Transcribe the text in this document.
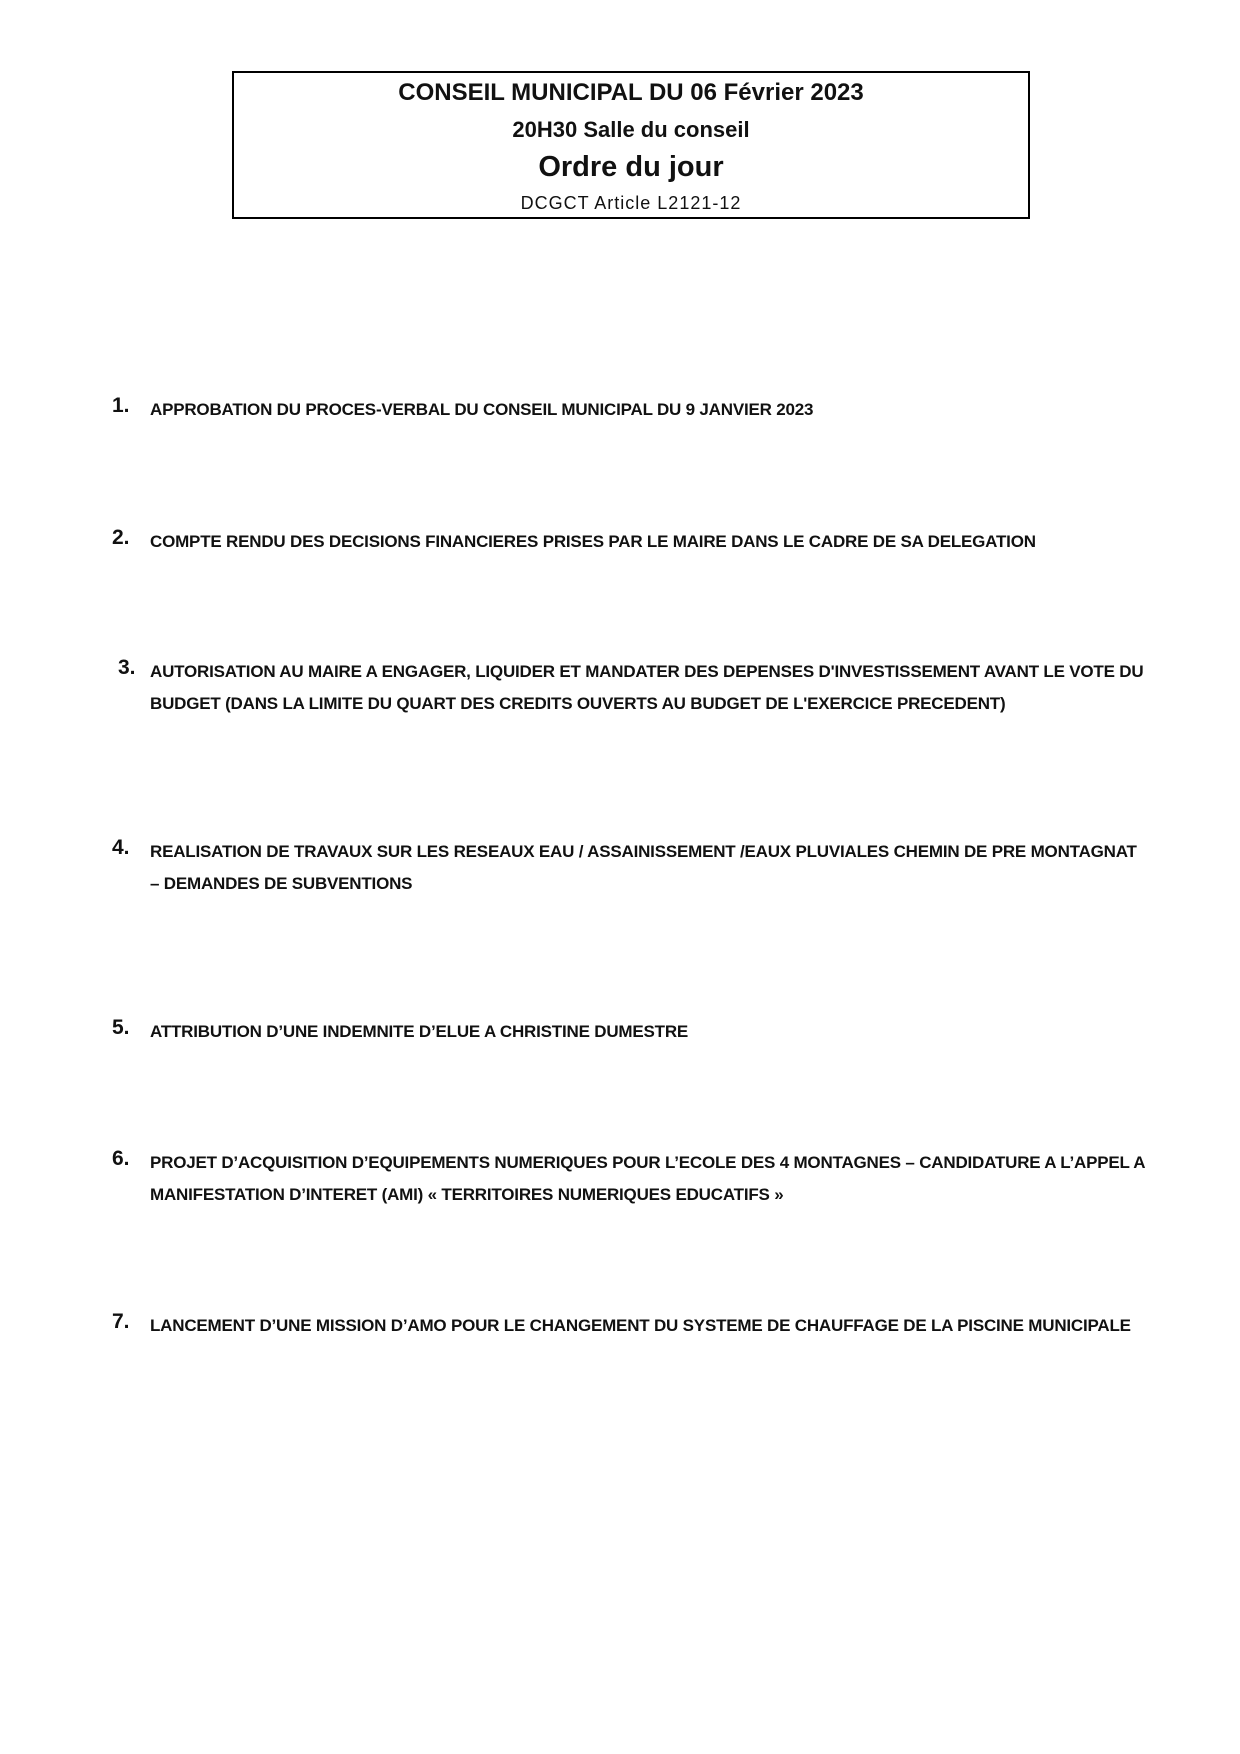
CONSEIL MUNICIPAL DU 06 Février 2023
20H30 Salle du conseil
Ordre du jour
DCGCT Article L2121-12
1. APPROBATION DU PROCES-VERBAL DU CONSEIL MUNICIPAL DU 9 JANVIER 2023
2. COMPTE RENDU DES DECISIONS FINANCIERES PRISES PAR LE MAIRE DANS LE CADRE DE SA DELEGATION
3. AUTORISATION AU MAIRE A ENGAGER, LIQUIDER ET MANDATER DES DEPENSES D'INVESTISSEMENT AVANT LE VOTE DU BUDGET (DANS LA LIMITE DU QUART DES CREDITS OUVERTS AU BUDGET DE L'EXERCICE PRECEDENT)
4. REALISATION DE TRAVAUX SUR LES RESEAUX EAU / ASSAINISSEMENT /EAUX PLUVIALES CHEMIN DE PRE MONTAGNAT – DEMANDES DE SUBVENTIONS
5. ATTRIBUTION D’UNE INDEMNITE D’ELUE A CHRISTINE DUMESTRE
6. PROJET D’ACQUISITION D’EQUIPEMENTS NUMERIQUES POUR L’ECOLE DES 4 MONTAGNES – CANDIDATURE A L’APPEL A MANIFESTATION D’INTERET (AMI) « TERRITOIRES NUMERIQUES EDUCATIFS »
7. LANCEMENT D’UNE MISSION D’AMO POUR LE CHANGEMENT DU SYSTEME DE CHAUFFAGE DE LA PISCINE MUNICIPALE
